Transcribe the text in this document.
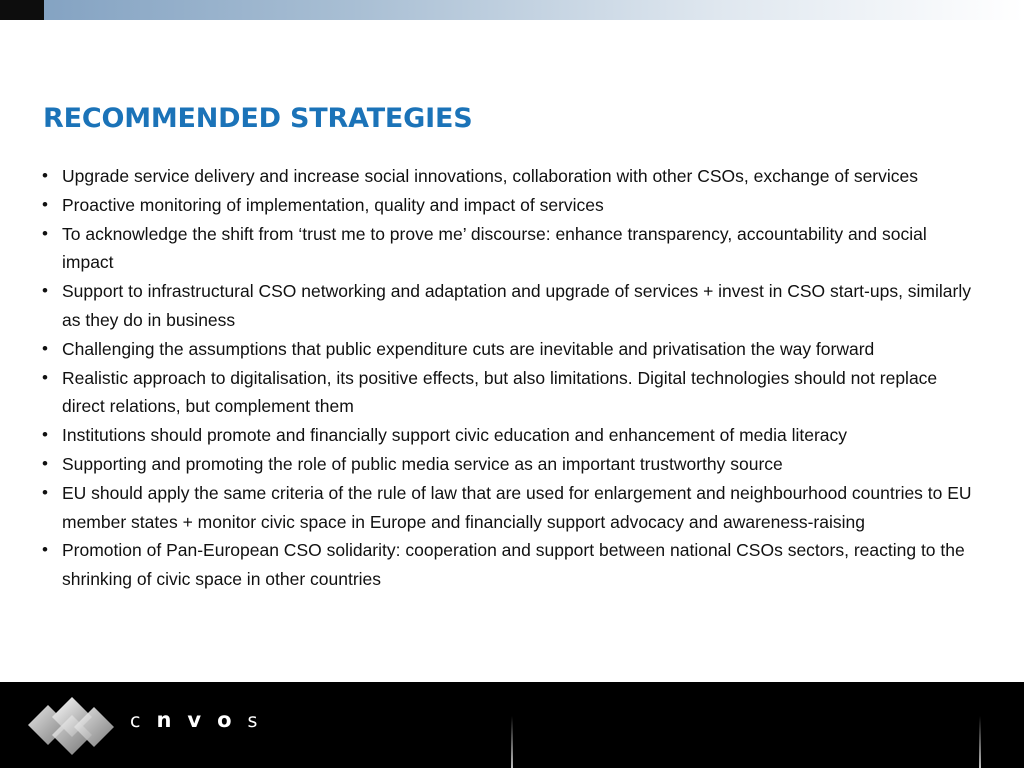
RECOMMENDED STRATEGIES
• Upgrade service delivery and increase social innovations, collaboration with other CSOs, exchange of services
• Proactive monitoring of implementation, quality and impact of services
• To acknowledge the shift from ‘trust me to prove me’ discourse: enhance transparency, accountability and social impact
• Support to infrastructural CSO networking and adaptation and upgrade of services + invest in CSO start-ups, similarly as they do in business
• Challenging the assumptions that public expenditure cuts are inevitable and privatisation the way forward
• Realistic approach to digitalisation, its positive effects, but also limitations. Digital technologies should not replace direct relations, but complement them
• Institutions should promote and financially support civic education and enhancement of media literacy
• Supporting and promoting the role of public media service as an important trustworthy source
• EU should apply the same criteria of the rule of law that are used for enlargement and neighbourhood countries to EU member states + monitor civic space in Europe and financially support advocacy and awareness-raising
• Promotion of Pan-European CSO solidarity: cooperation and support between national CSOs sectors, reacting to the shrinking of civic space in other countries
c n v o s
